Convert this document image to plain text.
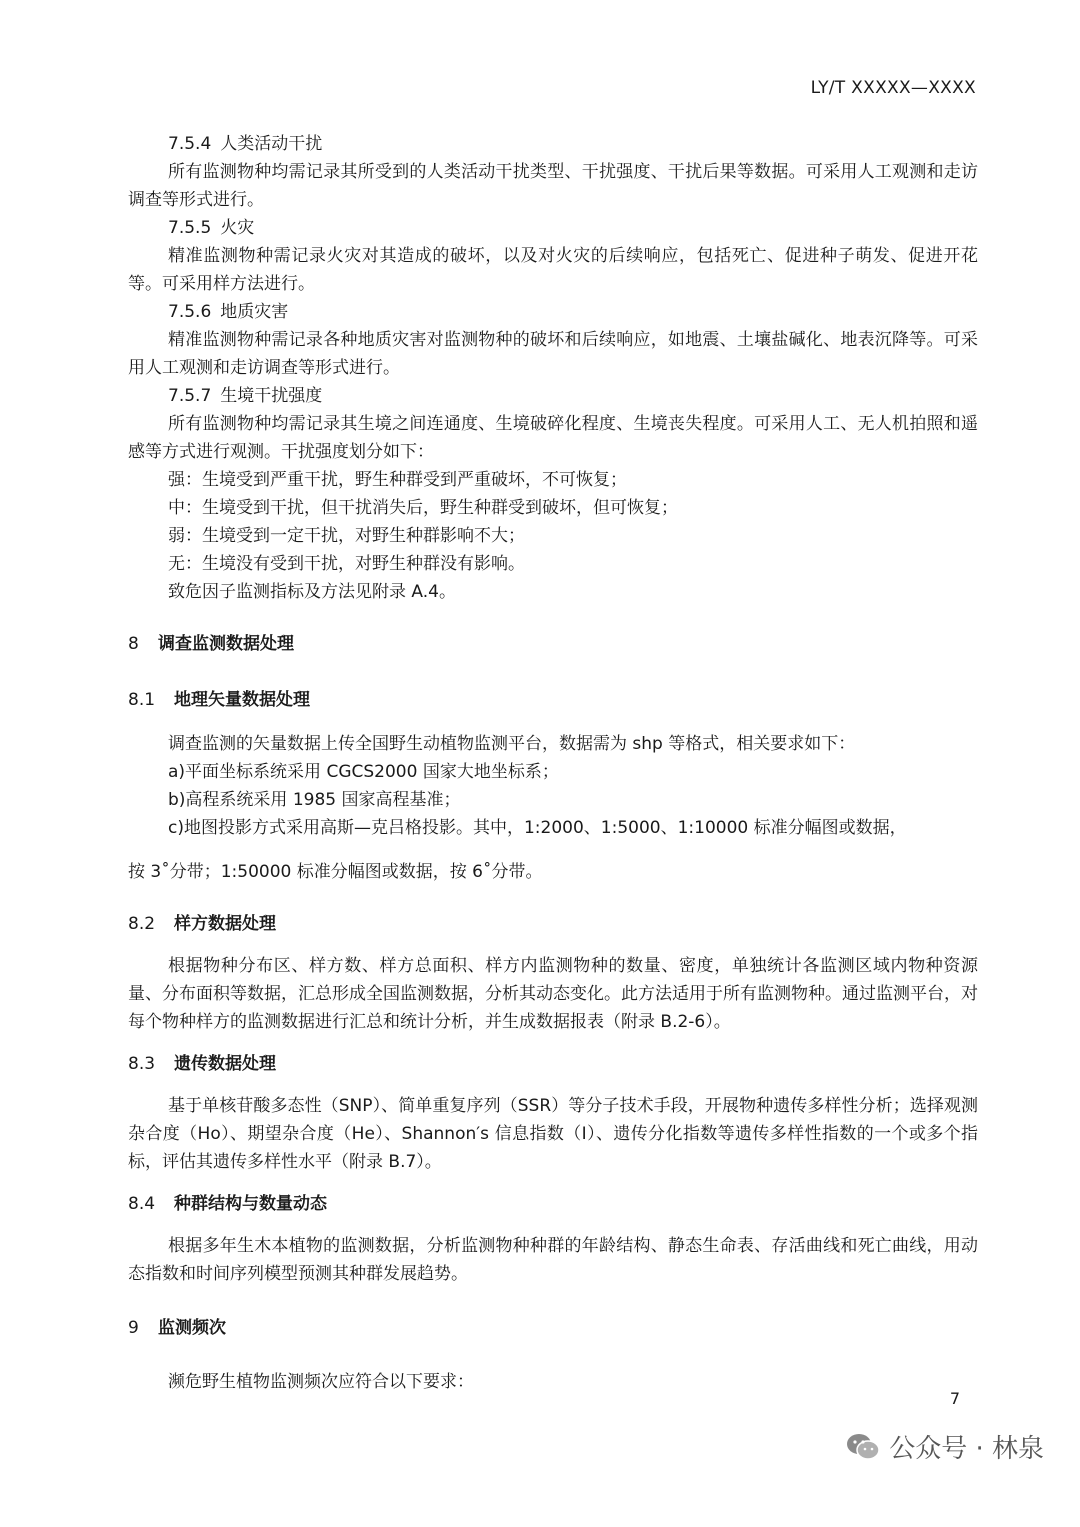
LY/T XXXXX—XXXX

7.5.4 人类活动干扰

所有监测物种均需记录其所受到的人类活动干扰类型、干扰强度、干扰后果等数据。可采用人工观测和走访调查等形式进行。

7.5.5 火灾

精准监测物种需记录火灾对其造成的破坏，以及对火灾的后续响应，包括死亡、促进种子萌发、促进开花等。可采用样方法进行。

7.5.6 地质灾害

精准监测物种需记录各种地质灾害对监测物种的破坏和后续响应，如地震、土壤盐碱化、地表沉降等。可采用人工观测和走访调查等形式进行。

7.5.7 生境干扰强度

所有监测物种均需记录其生境之间连通度、生境破碎化程度、生境丧失程度。可采用人工、无人机拍照和遥感等方式进行观测。干扰强度划分如下：

强：生境受到严重干扰，野生种群受到严重破坏，不可恢复；

中：生境受到干扰，但干扰消失后，野生种群受到破坏，但可恢复；

弱：生境受到一定干扰，对野生种群影响不大；

无：生境没有受到干扰，对野生种群没有影响。

致危因子监测指标及方法见附录 A.4。

8 调查监测数据处理

8.1 地理矢量数据处理

调查监测的矢量数据上传全国野生动植物监测平台，数据需为 shp 等格式，相关要求如下：

a)平面坐标系统采用 CGCS2000 国家大地坐标系；

b)高程系统采用 1985 国家高程基准；

c)地图投影方式采用高斯—克吕格投影。其中，1:2000、1:5000、1:10000 标准分幅图或数据，

按 3˚分带；1:50000 标准分幅图或数据，按 6˚分带。

8.2 样方数据处理

根据物种分布区、样方数、样方总面积、样方内监测物种的数量、密度，单独统计各监测区域内物种资源量、分布面积等数据，汇总形成全国监测数据，分析其动态变化。此方法适用于所有监测物种。通过监测平台，对每个物种样方的监测数据进行汇总和统计分析，并生成数据报表（附录 B.2-6）。

8.3 遗传数据处理

基于单核苷酸多态性（SNP）、简单重复序列（SSR）等分子技术手段，开展物种遗传多样性分析；选择观测杂合度（Ho）、期望杂合度（He）、Shannon′s 信息指数（I）、遗传分化指数等遗传多样性指数的一个或多个指标，评估其遗传多样性水平（附录 B.7）。

8.4 种群结构与数量动态

根据多年生木本植物的监测数据，分析监测物种种群的年龄结构、静态生命表、存活曲线和死亡曲线，用动态指数和时间序列模型预测其种群发展趋势。

9 监测频次

濒危野生植物监测频次应符合以下要求：

7
公众号 · 林泉
